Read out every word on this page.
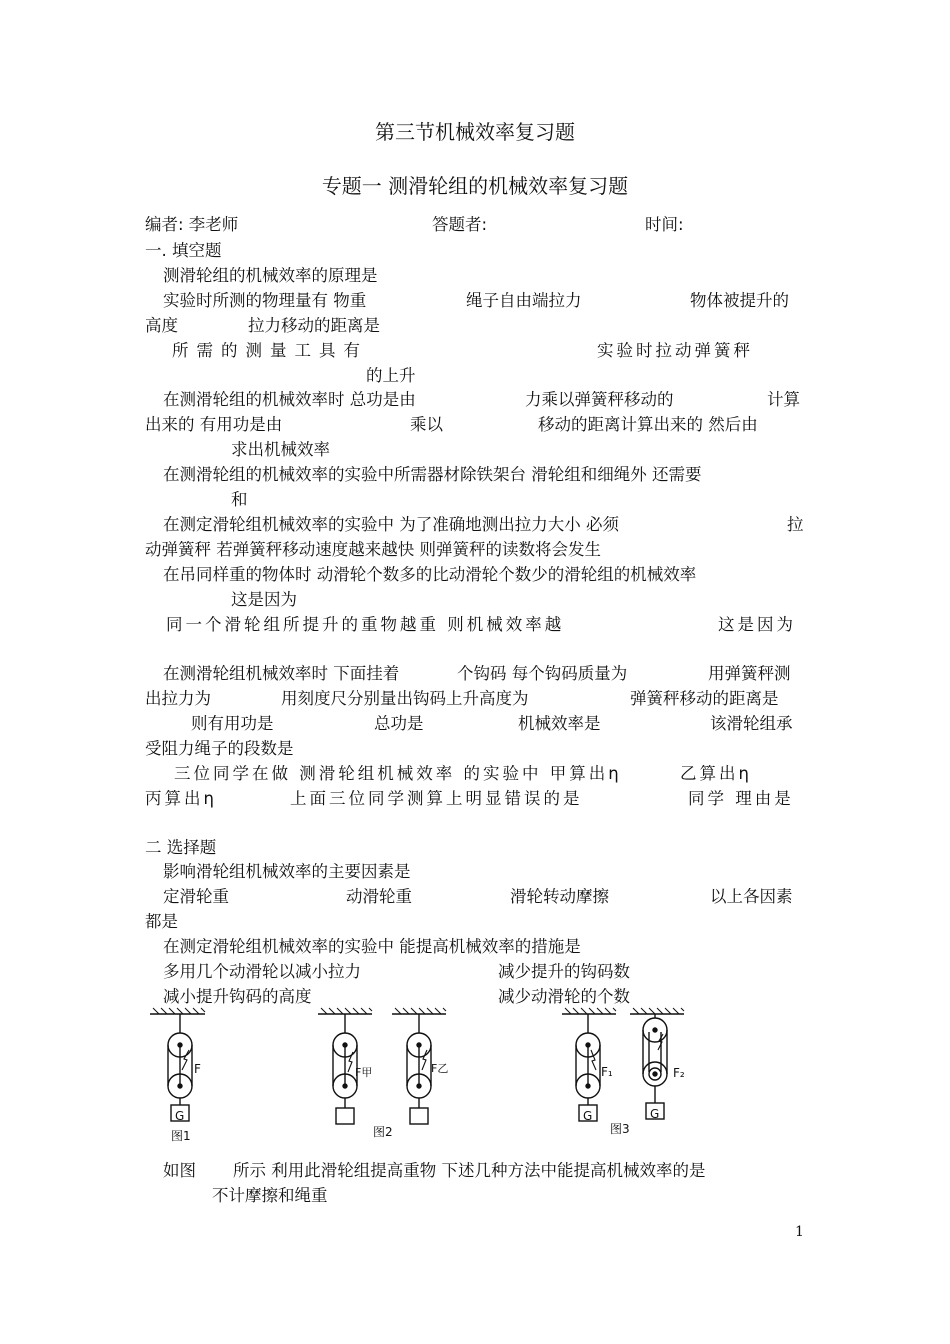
第三节机械效率复习题
专题一 测滑轮组的机械效率复习题
编者: 李老师	答题者:	时间:
一. 填空题
测滑轮组的机械效率的原理是
实验时所测的物理量有 物重	绳子自由端拉力	物体被提升的
高度	拉力移动的距离是
所需的测量工具有	实验时拉动弹簧秤
的上升
在测滑轮组的机械效率时 总功是由	力乘以弹簧秤移动的	计算
出来的 有用功是由	乘以	移动的距离计算出来的 然后由
求出机械效率
在测滑轮组的机械效率的实验中所需器材除铁架台 滑轮组和细绳外 还需要
和
在测定滑轮组机械效率的实验中 为了准确地测出拉力大小 必须	拉
动弹簧秤 若弹簧秤移动速度越来越快 则弹簧秤的读数将会发生
在吊同样重的物体时 动滑轮个数多的比动滑轮个数少的滑轮组的机械效率
这是因为
同一个滑轮组所提升的重物越重 则机械效率越	这是因为
在测滑轮组机械效率时 下面挂着	个钩码 每个钩码质量为	用弹簧秤测
出拉力为	用刻度尺分别量出钩码上升高度为	弹簧秤移动的距离是
则有用功是	总功是	机械效率是	该滑轮组承
受阻力绳子的段数是
三位同学在做 测滑轮组机械效率 的实验中 甲算出η	乙算出η
丙算出η	上面三位同学测算上明显错误的是	同学 理由是
二 选择题
影响滑轮组机械效率的主要因素是
定滑轮重	动滑轮重	滑轮转动摩擦	以上各因素
都是
在测定滑轮组机械效率的实验中 能提高机械效率的措施是
多用几个动滑轮以减小拉力	减少提升的钩码数
减小提升钩码的高度	减少动滑轮的个数
F
G
图1
F甲	F乙
图2
F₁	F₂
G	G
图3
如图 所示 利用此滑轮组提高重物 下述几种方法中能提高机械效率的是
不计摩擦和绳重
1
